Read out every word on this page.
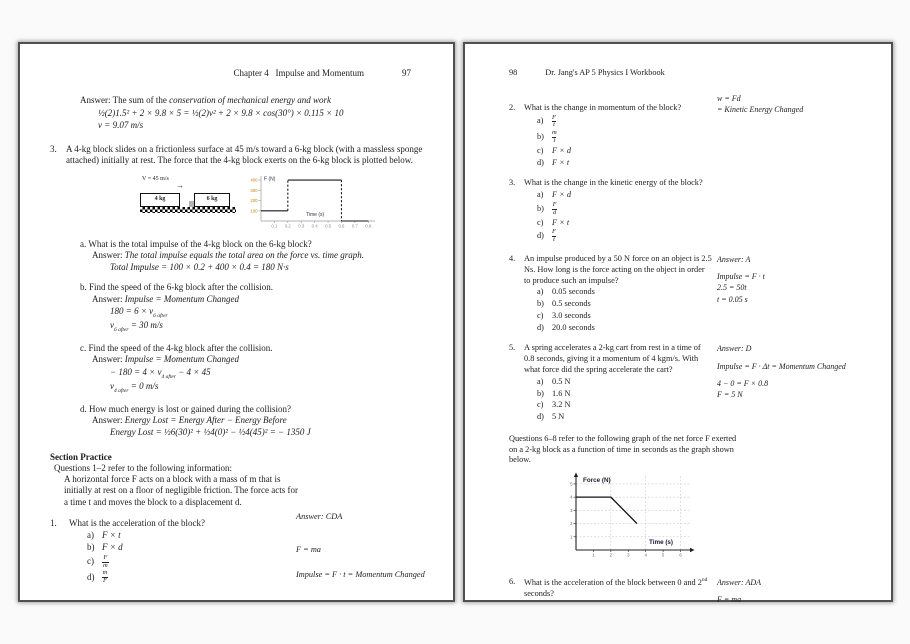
Chapter 4   Impulse and Momentum	97
Answer: The sum of the conservation of mechanical energy and work
½(2)1.5² + 2 × 9.8 × 5 = ½(2)v² + 2 × 9.8 × cos(30°) × 0.115 × 10
v = 9.07 m/s
3.	A 4-kg block slides on a frictionless surface at 45 m/s toward a 6-kg block (with a massless sponge attached) initially at rest. The force that the 4-kg block exerts on the 6-kg block is plotted below.
V = 45 m/s
→
4 kg	6 kg
0.1 0.2 0.3 0.4 0.5 0.6 0.7 0.8
100
200
300
400 F (N)
Time (s)
a. What is the total impulse of the 4-kg block on the 6-kg block?
Answer: The total impulse equals the total area on the force vs. time graph.
Total Impulse = 100 × 0.2 + 400 × 0.4 = 180 N·s
b. Find the speed of the 6-kg block after the collision.
Answer: Impulse = Momentum Changed
$180 = 6 \times v_{6 after}$
$v_{6 after} = 30$ m/s
c. Find the speed of the 4-kg block after the collision.
Answer: Impulse = Momentum Changed
− $180 = 4 \times v_{4 after} - 4 \times 45$
$v_{4 after} = 0$ m/s
d. How much energy is lost or gained during the collision?
Answer: Energy Lost = Energy After − Energy Before
Energy Lost = ½6(30)² + ½4(0)² − ½4(45)² = − 1350 J
Section Practice
Questions 1–2 refer to the following information:
A horizontal force F acts on a block with a mass of m that is initially at rest on a floor of negligible friction. The force acts for a time t and moves the block to a displacement d.
1.	What is the acceleration of the block?
a) F × t
b) F × d
c)	$\frac{F}{m}$
d)	$\frac{m}{F}$
Answer: CDA
F = ma
Impulse = F · t = Momentum Changed
98	Dr. Jang's AP 5 Physics I Workbook
2.	What is the change in momentum of the block?
a)	$\frac{F}{t}$
b)	$\frac{m}{t}$
c)	F × d
d) F × t
w = Fd
= Kinetic Energy Changed
3.	What is the change in the kinetic energy of the block?
a)	F × d
b)	$\frac{F}{d}$
c)	F × t
d)	$\frac{F}{t}$
4.	An impulse produced by a 50 N force on an object is 2.5 Ns. How long is the force acting on the object in order to produce such an impulse?
a)	0.05 seconds
b) 0.5 seconds
c)	3.0 seconds
d) 20.0 seconds
Answer: A
Impulse = F · t
2.5 = 50t
t = 0.05 s
5.	A spring accelerates a 2-kg cart from rest in a time of 0.8 seconds, giving it a momentum of 4 kgm/s. With what force did the spring accelerate the cart?
a)	0.5 N
b) 1.6 N
c)	3.2 N
d) 5 N
Answer: D
Impulse = F · Δt = Momentum Changed
4 − 0 = F × 0.8
F = 5 N
Questions 6–8 refer to the following graph of the net force F exerted on a 2-kg block as a function of time in seconds as the graph shown below.
1	2	3	4	5	6
1
2
3
4
5
Force (N)
Time (s)
6.	What is the acceleration of the block between 0 and 2nd seconds?
Answer: ADA
F = ma
